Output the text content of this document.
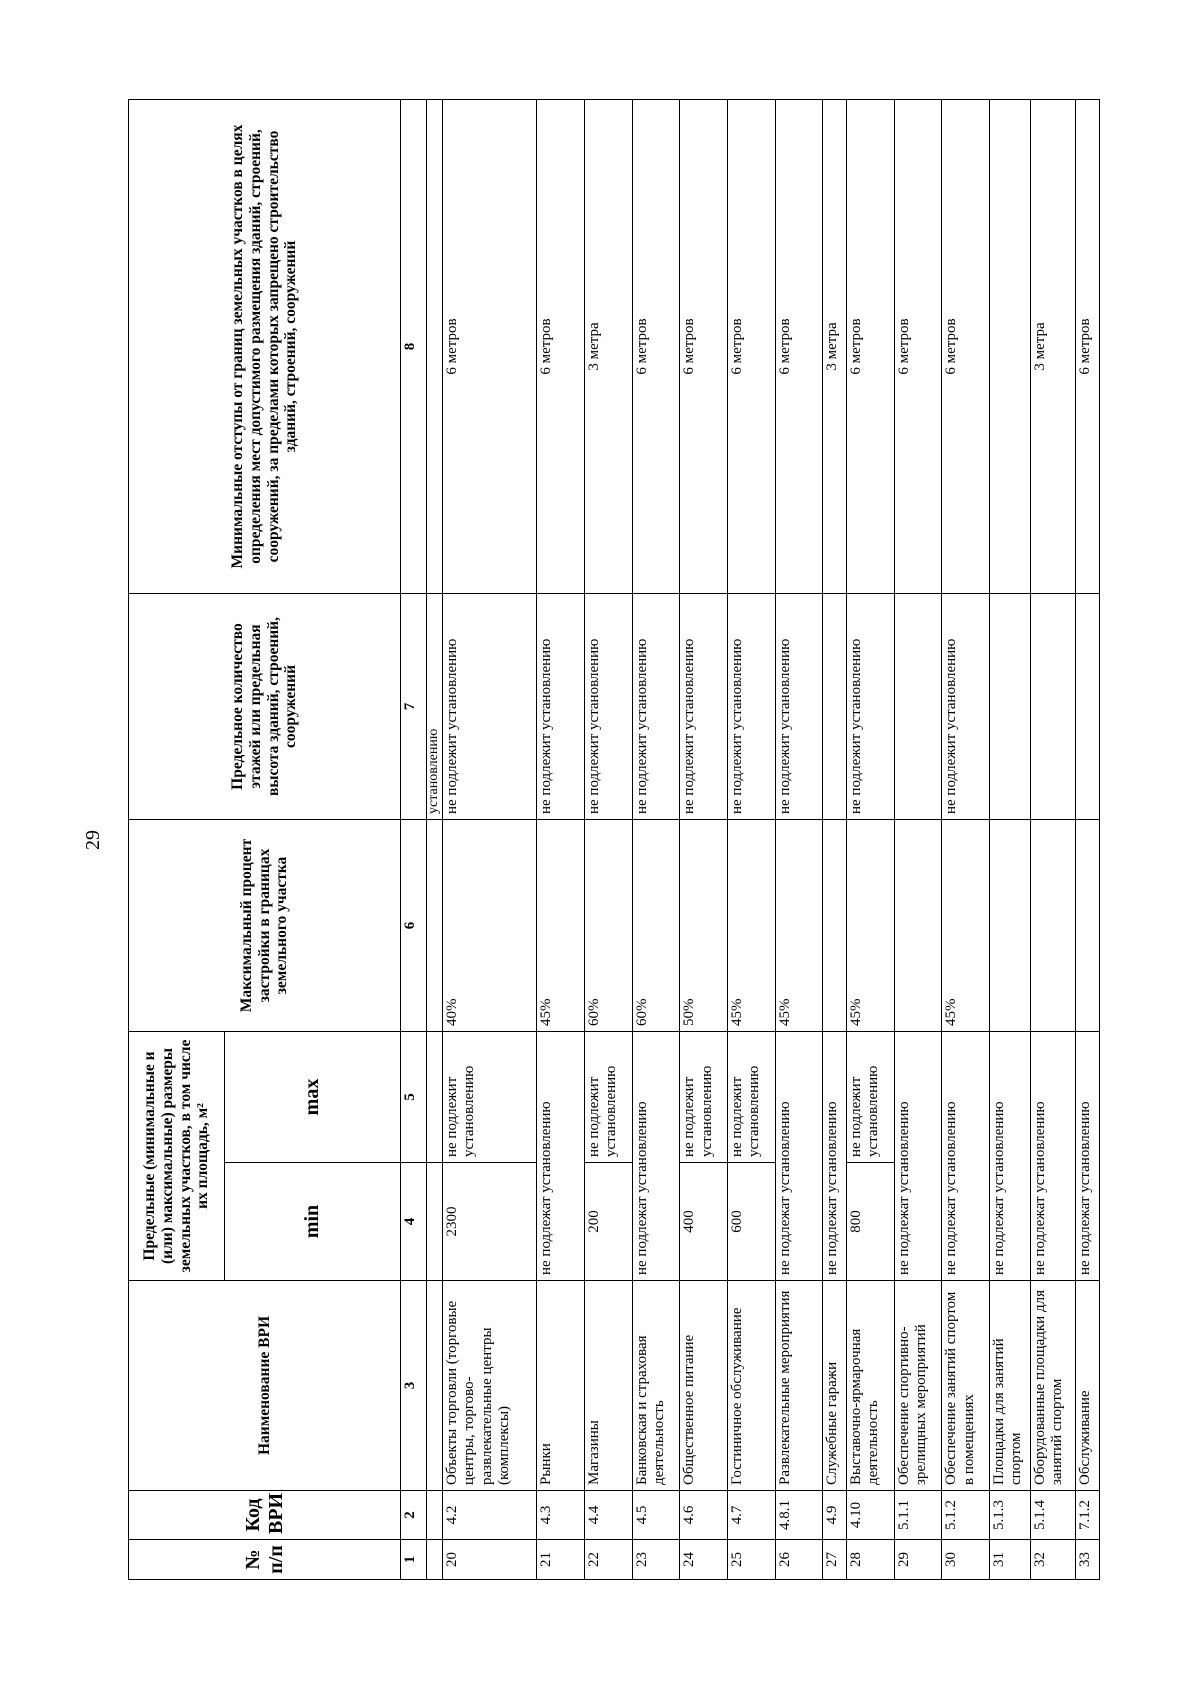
29
№ п/п	Код ВРИ	Наименование ВРИ	Предельные (минимальные и (или) максимальные) размеры земельных участков, в том числе их площадь, м²		Максимальный процент застройки в границах земельного участка	Предельное количество этажей или предельная высота зданий, строений, сооружений	Минимальные отступы от границ земельных участков в целях определения мест допустимого размещения зданий, строений, сооружений, за пределами которых запрещено строительство зданий, строений, сооружений
			min	max			
1	2	3	4	5	6	7	8
						установлению	
20	4.2	Объекты торговли (торговые центры, торгово-развлекательные центры (комплексы)	2300	не подлежит установлению	40%	не подлежит установлению	6 метров
21	4.3	Рынки	не подлежат установлению		45%	не подлежит установлению	6 метров
22	4.4	Магазины	200	не подлежит установлению	60%	не подлежит установлению	3 метра
23	4.5	Банковская и страховая деятельность	не подлежат установлению		60%	не подлежит установлению	6 метров
24	4.6	Общественное питание	400	не подлежит установлению	50%	не подлежит установлению	6 метров
25	4.7	Гостиничное обслуживание	600	не подлежит установлению	45%	не подлежит установлению	6 метров
26	4.8.1	Развлекательные мероприятия	не подлежат установлению		45%	не подлежит установлению	6 метров
27	4.9	Служебные гаражи	не подлежат установлению				3 метра
28	4.10	Выставочно-ярмарочная деятельность	800	не подлежит установлению	45%	не подлежит установлению	6 метров
29	5.1.1	Обеспечение спортивно-зрелищных мероприятий	не подлежат установлению				6 метров
30	5.1.2	Обеспечение занятий спортом в помещениях	не подлежат установлению		45%	не подлежит установлению	6 метров
31	5.1.3	Площадки для занятий спортом	не подлежат установлению				
32	5.1.4	Оборудованные площадки для занятий спортом	не подлежат установлению				3 метра
33	7.1.2	Обслуживание	не подлежат установлению				6 метров
